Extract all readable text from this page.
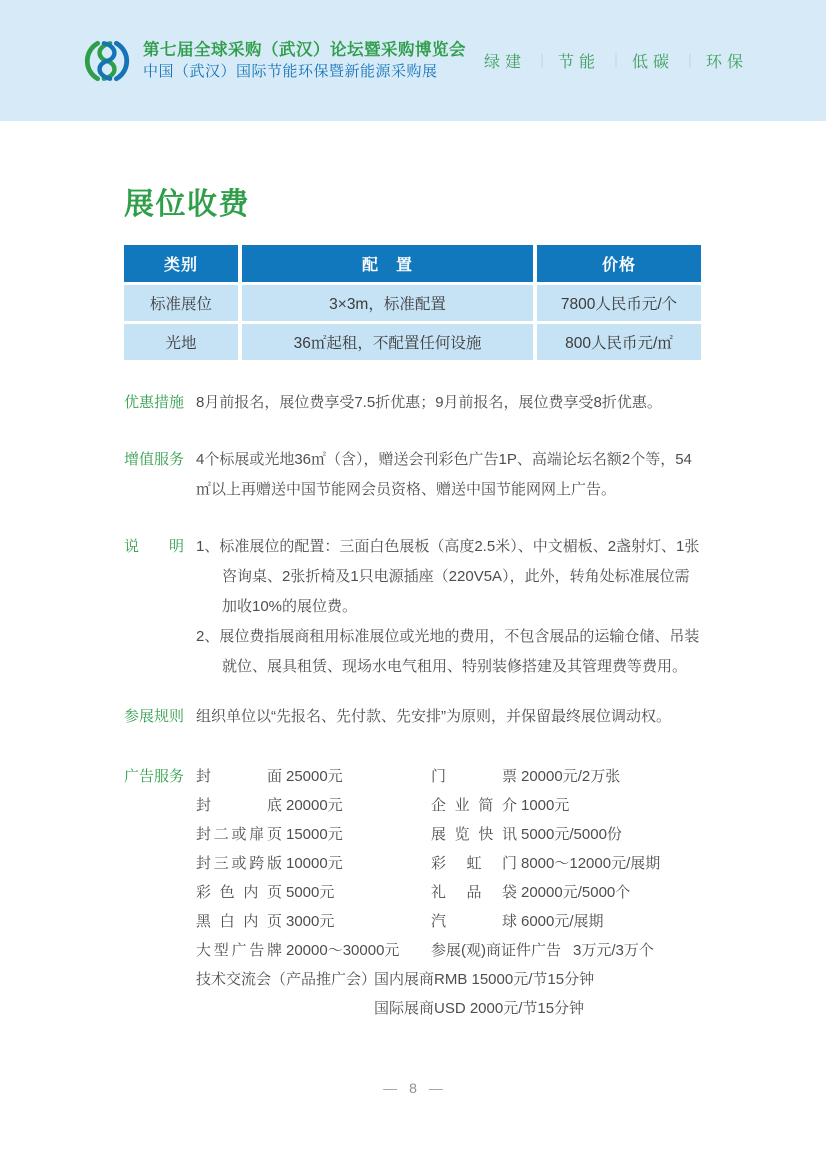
第七届全球采购（武汉）论坛暨采购博览会
中国（武汉）国际节能环保暨新能源采购展
绿建 ｜ 节能 ｜ 低碳 ｜ 环保
展位收费
类别	配　置	价格
标准展位	3×3m，标准配置	7800人民币元/个
光地	36㎡起租，不配置任何设施	800人民币元/㎡
优惠措施 8月前报名，展位费享受7.5折优惠；9月前报名，展位费享受8折优惠。
增值服务 4个标展或光地36㎡（含），赠送会刊彩色广告1P、高端论坛名额2个等，54㎡以上再赠送中国节能网会员资格、赠送中国节能网网上广告。
说明 1、标准展位的配置：三面白色展板（高度2.5米）、中文楣板、2盏射灯、1张咨询桌、2张折椅及1只电源插座（220V5A），此外，转角处标准展位需加收10%的展位费。
2、展位费指展商租用标准展位或光地的费用，不包含展品的运输仓储、吊装就位、展具租赁、现场水电气租用、特别装修搭建及其管理费等费用。
参展规则 组织单位以“先报名、先付款、先安排”为原则，并保留最终展位调动权。
广告服务 封面 25000元	门票 20000元/2万张
封底 20000元	企业简介 1000元
封二或扉页 15000元	展览快讯 5000元/5000份
封三或跨版 10000元	彩虹门 8000～12000元/展期
彩色内页 5000元	礼品袋 20000元/5000个
黑白内页 3000元	汽球 6000元/展期
大型广告牌 20000～30000元	参展(观)商证件广告 3万元/3万个
技术交流会（产品推广会）
国内展商RMB 15000元/节15分钟
国际展商USD 2000元/节15分钟
— 8 —
